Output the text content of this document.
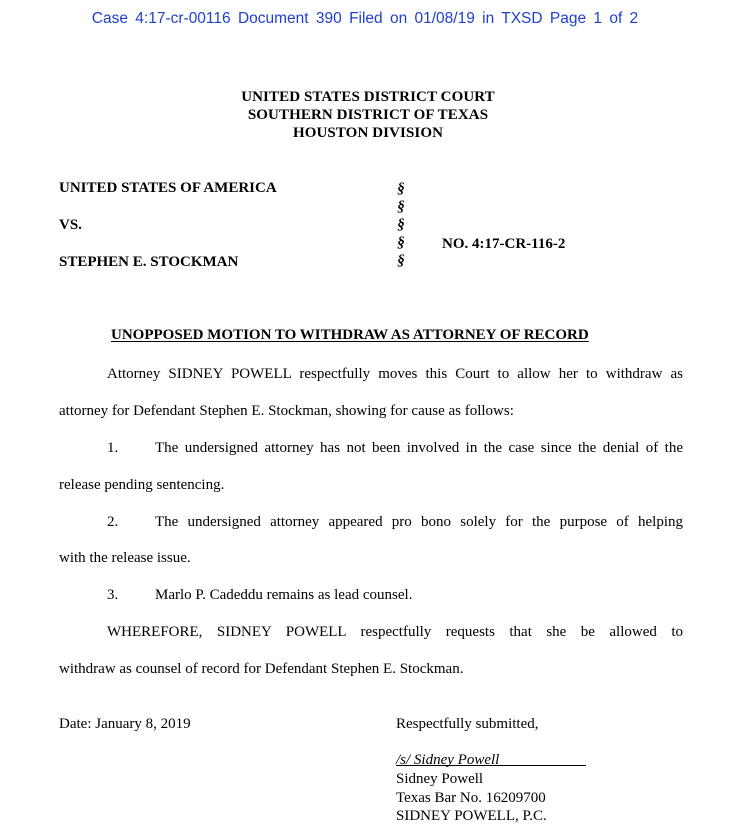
Case 4:17-cr-00116 Document 390 Filed on 01/08/19 in TXSD Page 1 of 2
UNITED STATES DISTRICT COURT
SOUTHERN DISTRICT OF TEXAS
HOUSTON DIVISION
UNITED STATES OF AMERICA
VS.
STEPHEN E. STOCKMAN
§
§
§
§
§
NO. 4:17-CR-116-2
UNOPPOSED MOTION TO WITHDRAW AS ATTORNEY OF RECORD
Attorney SIDNEY POWELL respectfully moves this Court to allow her to withdraw as
attorney for Defendant Stephen E. Stockman, showing for cause as follows:
1. The undersigned attorney has not been involved in the case since the denial of the
release pending sentencing.
2. The undersigned attorney appeared pro bono solely for the purpose of helping
with the release issue.
3. Marlo P. Cadeddu remains as lead counsel.
WHEREFORE, SIDNEY POWELL respectfully requests that she be allowed to
withdraw as counsel of record for Defendant Stephen E. Stockman.
Date: January 8, 2019	Respectfully submitted,
/s/ Sidney Powell
Sidney Powell
Texas Bar No. 16209700
SIDNEY POWELL, P.C.
